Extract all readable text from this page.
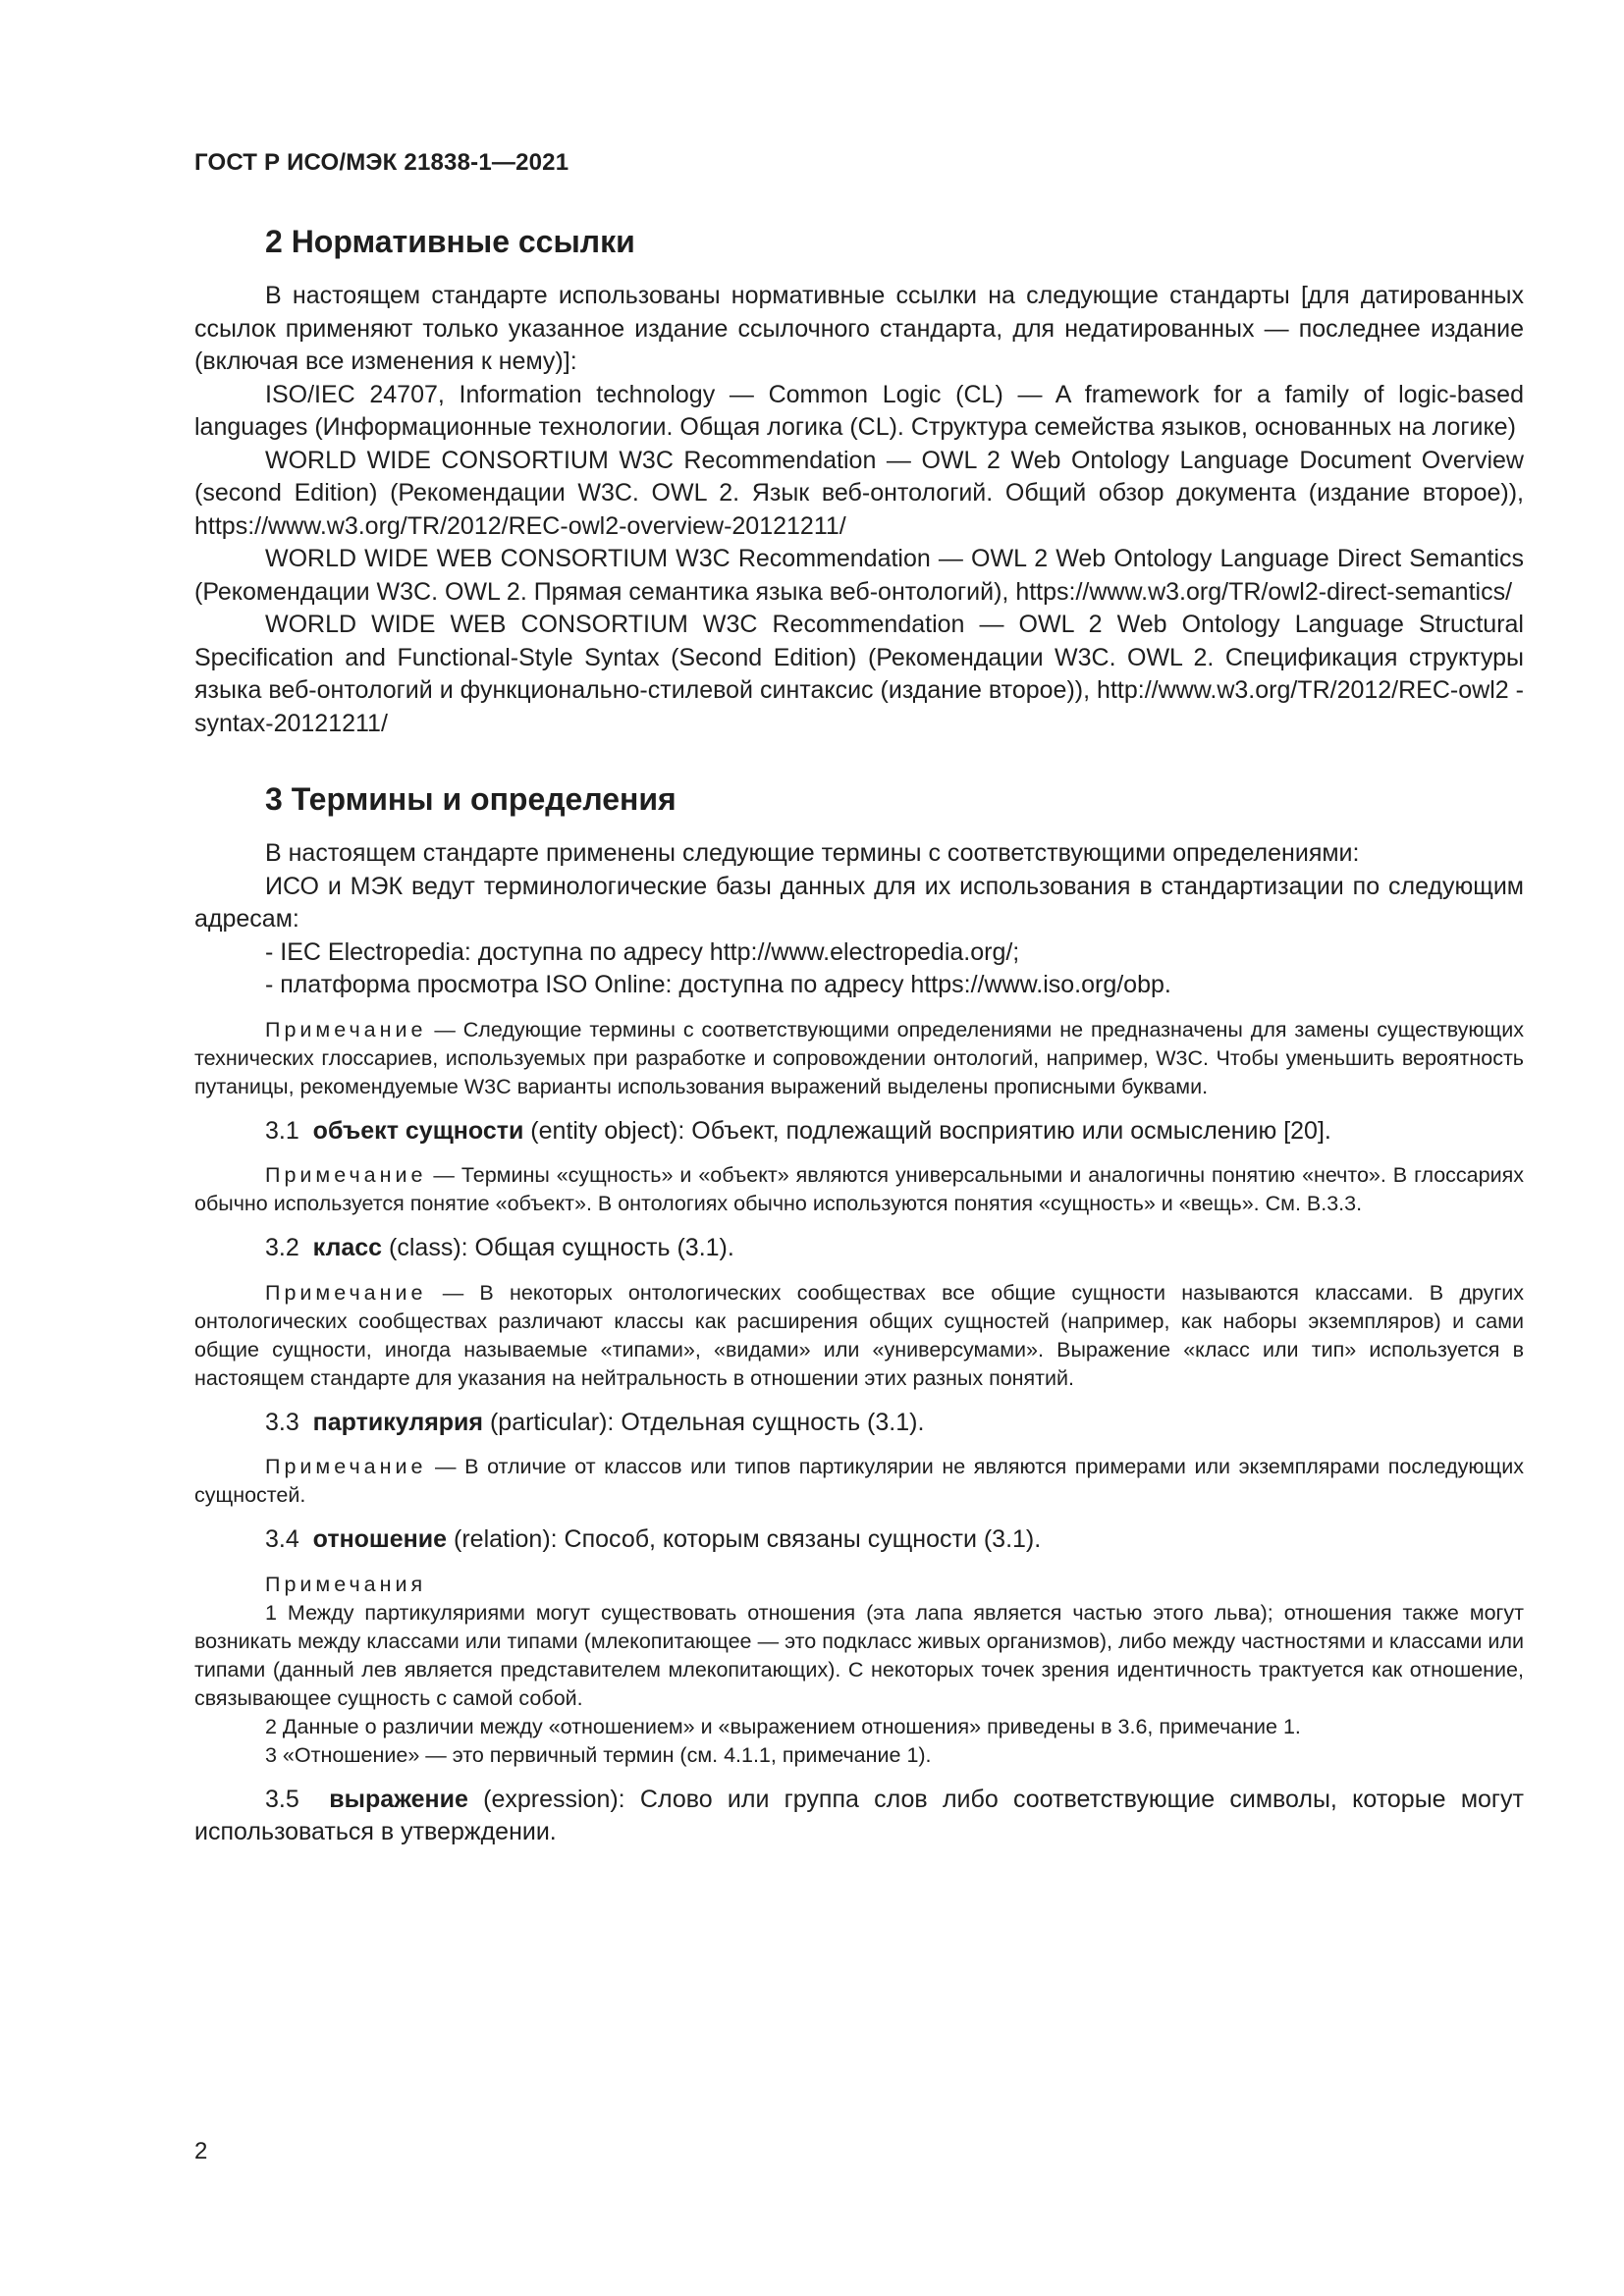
ГОСТ Р ИСО/МЭК 21838-1—2021
2 Нормативные ссылки

В настоящем стандарте использованы нормативные ссылки на следующие стандарты [для датированных ссылок применяют только указанное издание ссылочного стандарта, для недатированных — последнее издание (включая все изменения к нему)]:

ISO/IEC 24707, Information technology — Common Logic (CL) — A framework for a family of logic-based languages (Информационные технологии. Общая логика (CL). Структура семейства языков, основанных на логике)

WORLD WIDE CONSORTIUM W3C Recommendation — OWL 2 Web Ontology Language Document Overview (second Edition) (Рекомендации W3C. OWL 2. Язык веб-онтологий. Общий обзор документа (издание второе)), https://www.w3.org/TR/2012/REC-owl2-overview-20121211/

WORLD WIDE WEB CONSORTIUM W3C Recommendation — OWL 2 Web Ontology Language Direct Semantics (Рекомендации W3C. OWL 2. Прямая семантика языка веб-онтологий), https://www.w3.org/TR/owl2-direct-semantics/

WORLD WIDE WEB CONSORTIUM W3C Recommendation — OWL 2 Web Ontology Language Structural Specification and Functional-Style Syntax (Second Edition) (Рекомендации W3C. OWL 2. Спецификация структуры языка веб-онтологий и функционально-стилевой синтаксис (издание второе)), http://www.w3.org/TR/2012/REC-owl2 -syntax-20121211/

3 Термины и определения

В настоящем стандарте применены следующие термины с соответствующими определениями:

ИСО и МЭК ведут терминологические базы данных для их использования в стандартизации по следующим адресам:

- IEC Electropedia: доступна по адресу http://www.electropedia.org/;

- платформа просмотра ISO Online: доступна по адресу https://www.iso.org/obp.

Примечание — Следующие термины с соответствующими определениями не предназначены для замены существующих технических глоссариев, используемых при разработке и сопровождении онтологий, например, W3C. Чтобы уменьшить вероятность путаницы, рекомендуемые W3C варианты использования выражений выделены прописными буквами.

3.1 объект сущности (entity object): Объект, подлежащий восприятию или осмыслению [20].

Примечание — Термины «сущность» и «объект» являются универсальными и аналогичны понятию «нечто». В глоссариях обычно используется понятие «объект». В онтологиях обычно используются понятия «сущность» и «вещь». См. B.3.3.

3.2 класс (class): Общая сущность (3.1).

Примечание — В некоторых онтологических сообществах все общие сущности называются классами. В других онтологических сообществах различают классы как расширения общих сущностей (например, как наборы экземпляров) и сами общие сущности, иногда называемые «типами», «видами» или «универсумами». Выражение «класс или тип» используется в настоящем стандарте для указания на нейтральность в отношении этих разных понятий.

3.3 партикулярия (particular): Отдельная сущность (3.1).

Примечание — В отличие от классов или типов партикулярии не являются примерами или экземплярами последующих сущностей.

3.4 отношение (relation): Способ, которым связаны сущности (3.1).

Примечания

1 Между партикуляриями могут существовать отношения (эта лапа является частью этого льва); отношения также могут возникать между классами или типами (млекопитающее — это подкласс живых организмов), либо между частностями и классами или типами (данный лев является представителем млекопитающих). С некоторых точек зрения идентичность трактуется как отношение, связывающее сущность с самой собой.

2 Данные о различии между «отношением» и «выражением отношения» приведены в 3.6, примечание 1.

3 «Отношение» — это первичный термин (см. 4.1.1, примечание 1).

3.5 выражение (expression): Слово или группа слов либо соответствующие символы, которые могут использоваться в утверждении.

2
